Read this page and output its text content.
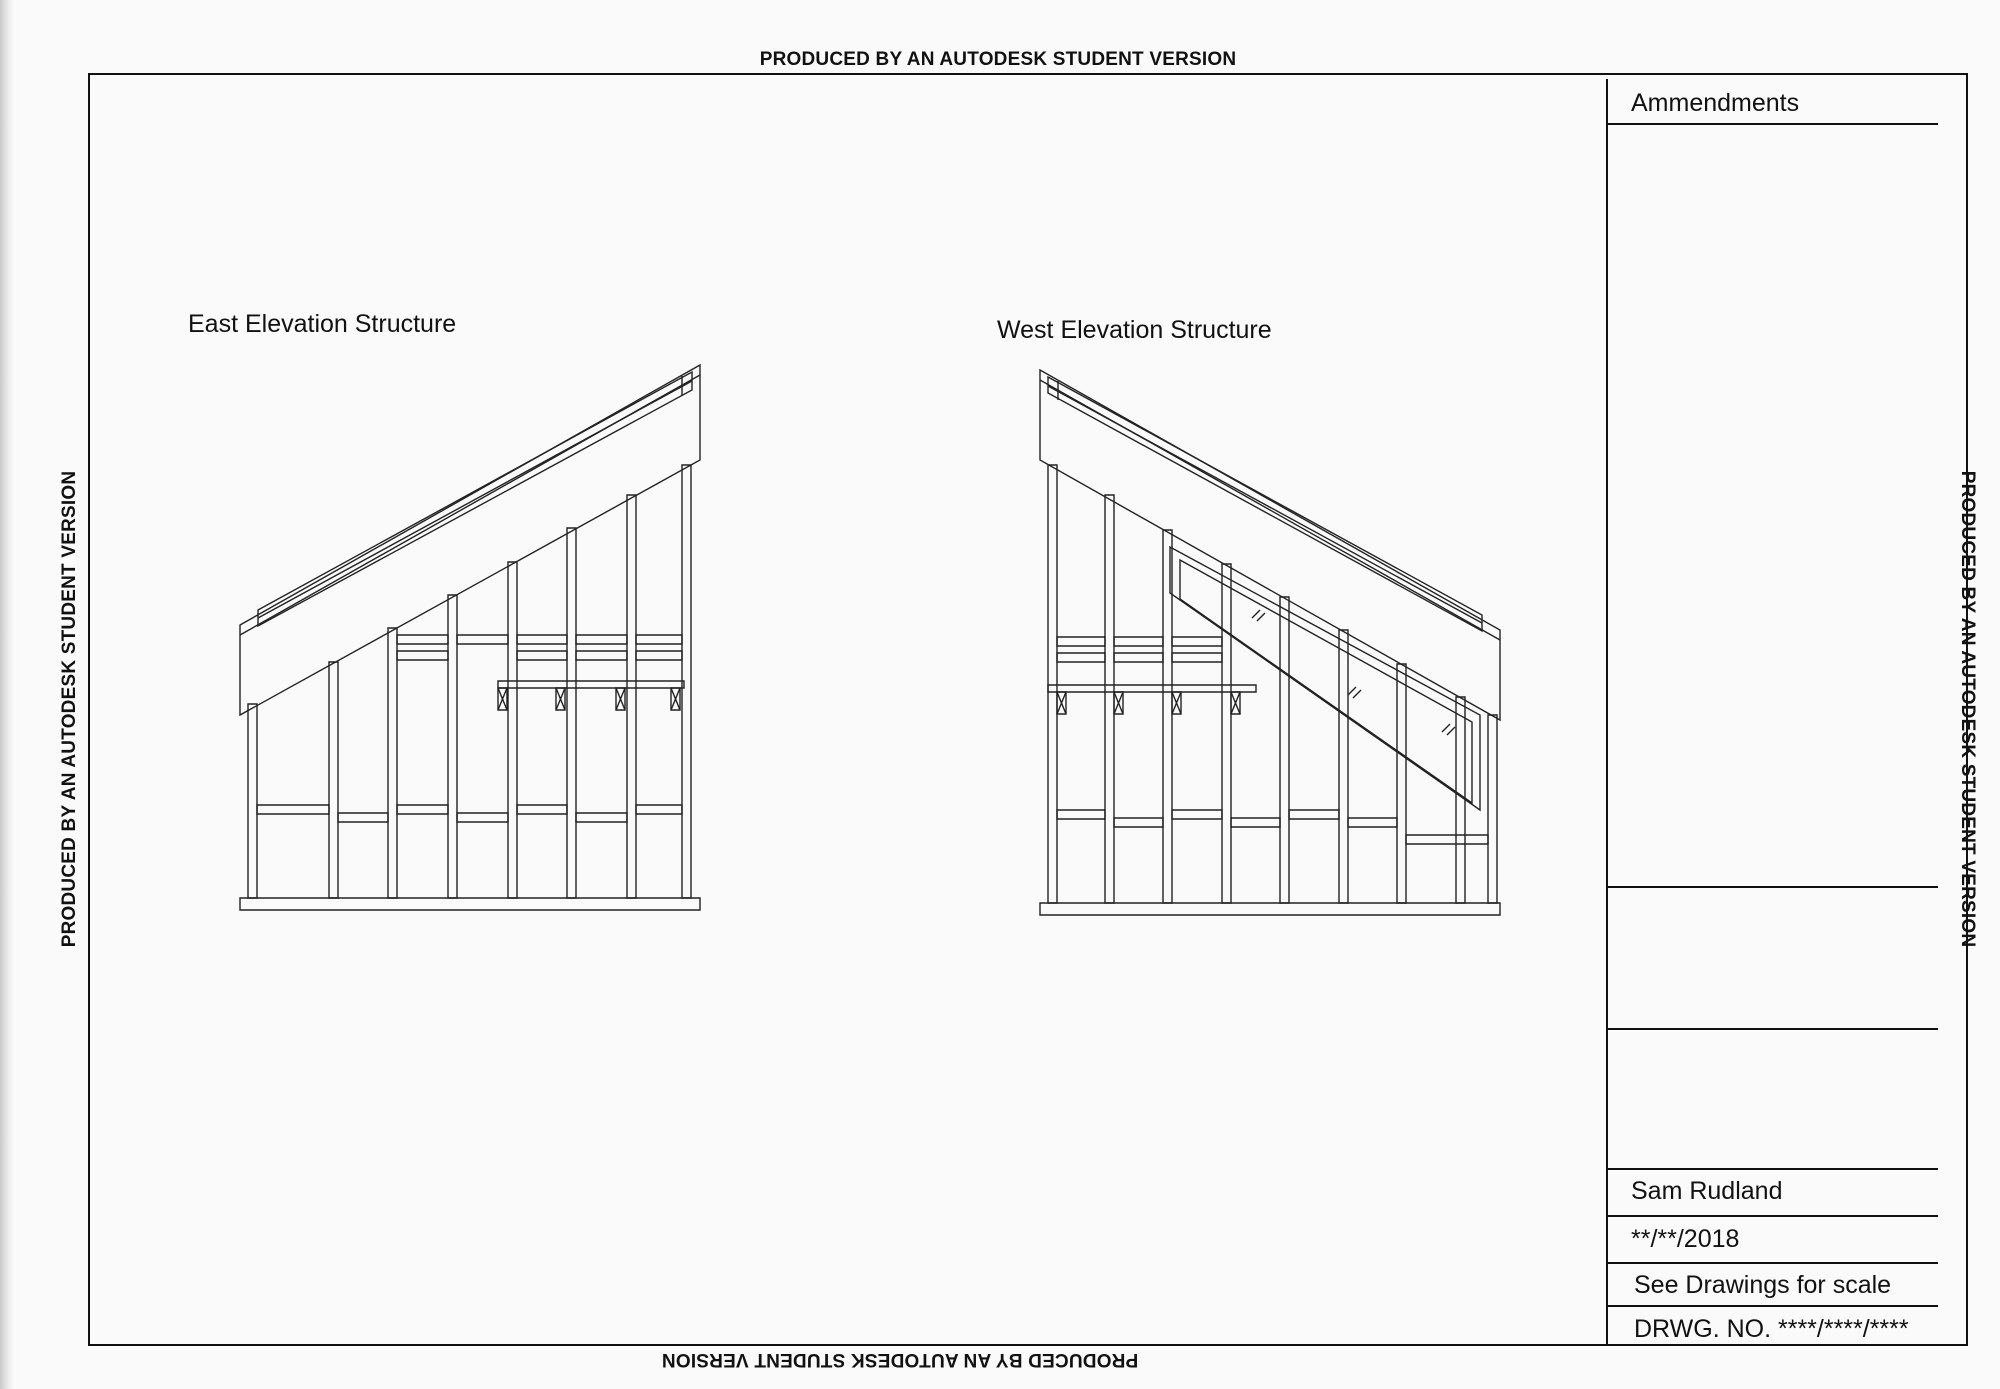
PRODUCED BY AN AUTODESK STUDENT VERSION
PRODUCED BY AN AUTODESK STUDENT VERSION
PRODUCED BY AN AUTODESK STUDENT VERSION	PRODUCED BY AN AUTODESK STUDENT VERSION
Ammendments
Sam Rudland
**/**/2018
See Drawings for scale
DRWG. NO. ****/****/****
East Elevation Structure	West Elevation Structure
